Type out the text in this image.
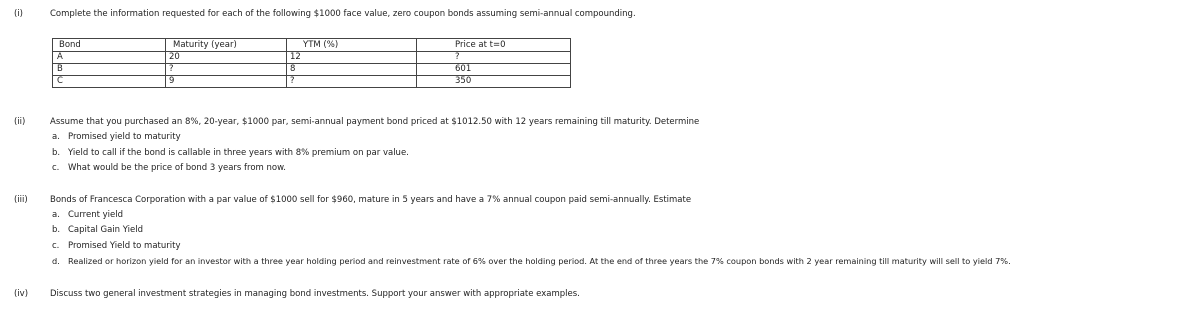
(i)	Complete the information requested for each of the following $1000 face value, zero coupon bonds assuming semi-annual compounding.
Bond	Maturity (year)	YTM (%)	Price at t=0
A	20	12	?
B	?	8	601
C	9	?	350
(ii)	Assume that you purchased an 8%, 20-year, $1000 par, semi-annual payment bond priced at $1012.50 with 12 years remaining till maturity. Determine
a. Promised yield to maturity
b. Yield to call if the bond is callable in three years with 8% premium on par value.
c. What would be the price of bond 3 years from now.
(iii)	Bonds of Francesca Corporation with a par value of $1000 sell for $960, mature in 5 years and have a 7% annual coupon paid semi-annually. Estimate
a. Current yield
b. Capital Gain Yield
c. Promised Yield to maturity
d. Realized or horizon yield for an investor with a three year holding period and reinvestment rate of 6% over the holding period. At the end of three years the 7% coupon bonds with 2 year remaining till maturity will sell to yield 7%.
(iv)	Discuss two general investment strategies in managing bond investments. Support your answer with appropriate examples.
